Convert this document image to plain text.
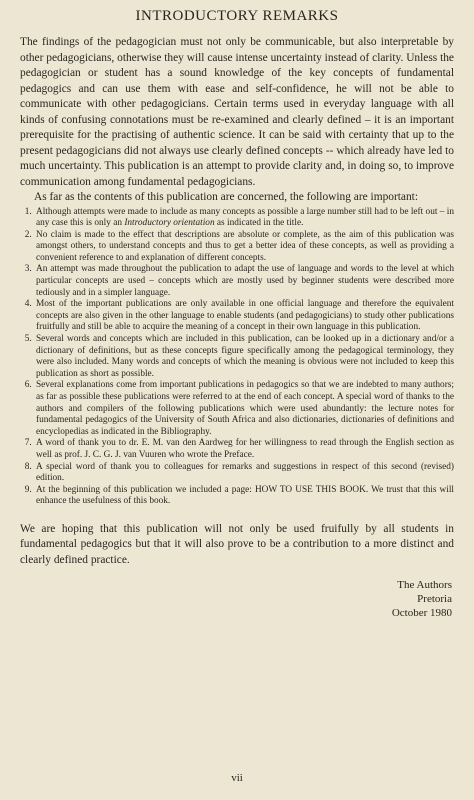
INTRODUCTORY REMARKS

The findings of the pedagogician must not only be communicable, but also interpretable by other pedagogicians, otherwise they will cause intense uncertainty instead of clarity. Unless the pedagogician or student has a sound knowledge of the key concepts of fundamental pedagogics and can use them with ease and self-confidence, he will not be able to communicate with other pedagogicians. Certain terms used in everyday language with all kinds of confusing connotations must be re-examined and clearly defined – it is an important prerequisite for the practising of authentic science. It can be said with certainty that up to the present pedagogicians did not always use clearly defined concepts -- which already have led to much uncertainty. This publication is an attempt to provide clarity and, in doing so, to improve communication among fundamental pedagogicians.

As far as the contents of this publication are concerned, the following are important:

1. Although attempts were made to include as many concepts as possible a large number still had to be left out – in any case this is only an Introductory orientation as indicated in the title.
2. No claim is made to the effect that descriptions are absolute or complete, as the aim of this publication was amongst others, to understand concepts and thus to get a better idea of these concepts, as well as providing a convenient reference to and explanation of different concepts.
3. An attempt was made throughout the publication to adapt the use of language and words to the level at which particular concepts are used – concepts which are mostly used by beginner students were described more tediously and in a simpler language.
4. Most of the important publications are only available in one official language and therefore the equivalent concepts are also given in the other language to enable students (and pedagogicians) to study other publications fruitfully and still be able to acquire the meaning of a concept in their own language in this publication.
5. Several words and concepts which are included in this publication, can be looked up in a dictionary and/or a dictionary of definitions, but as these concepts figure specifically among the pedagogical terminology, they were also included. Many words and concepts of which the meaning is obvious were not included to keep this publication as short as possible.
6. Several explanations come from important publications in pedagogics so that we are indebted to many authors; as far as possible these publications were referred to at the end of each concept. A special word of thanks to the authors and compilers of the following publications which were used abundantly: the lecture notes for fundamental pedagogics of the University of South Africa and also dictionaries, dictionaries of definitions and encyclopedias as indicated in the Bibliography.
7. A word of thank you to dr. E. M. van den Aardweg for her willingness to read through the English section as well as prof. J. C. G. J. van Vuuren who wrote the Preface.
8. A special word of thank you to colleagues for remarks and suggestions in respect of this second (revised) edition.
9. At the beginning of this publication we included a page: HOW TO USE THIS BOOK. We trust that this will enhance the usefulness of this book.

We are hoping that this publication will not only be used fruifully by all students in fundamental pedagogics but that it will also prove to be a contribution to a more distinct and clearly defined practice.

The Authors
Pretoria
October 1980
vii
